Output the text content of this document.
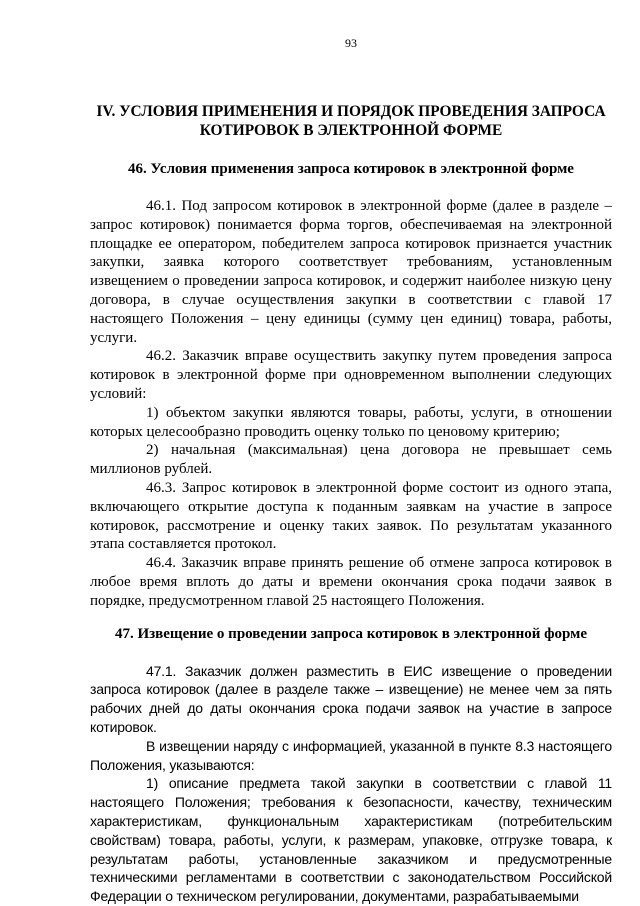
93
IV. УСЛОВИЯ ПРИМЕНЕНИЯ И ПОРЯДОК ПРОВЕДЕНИЯ ЗАПРОСА
КОТИРОВОК В ЭЛЕКТРОННОЙ ФОРМЕ
46. Условия применения запроса котировок в электронной форме

46.1. Под запросом котировок в электронной форме (далее в разделе – запрос котировок) понимается форма торгов, обеспечиваемая на электронной площадке ее оператором, победителем запроса котировок признается участник закупки, заявка которого соответствует требованиям, установленным извещением о проведении запроса котировок, и содержит наиболее низкую цену договора, в случае осуществления закупки в соответствии с главой 17 настоящего Положения – цену единицы (сумму цен единиц) товара, работы, услуги.

46.2. Заказчик вправе осуществить закупку путем проведения запроса котировок в электронной форме при одновременном выполнении следующих условий:

1) объектом закупки являются товары, работы, услуги, в отношении которых целесообразно проводить оценку только по ценовому критерию;

2) начальная (максимальная) цена договора не превышает семь миллионов рублей.

46.3. Запрос котировок в электронной форме состоит из одного этапа, включающего открытие доступа к поданным заявкам на участие в запросе котировок, рассмотрение и оценку таких заявок. По результатам указанного этапа составляется протокол.

46.4. Заказчик вправе принять решение об отмене запроса котировок в любое время вплоть до даты и времени окончания срока подачи заявок в порядке, предусмотренном главой 25 настоящего Положения.

47. Извещение о проведении запроса котировок в электронной форме

47.1. Заказчик должен разместить в ЕИС извещение о проведении запроса котировок (далее в разделе также – извещение) не менее чем за пять рабочих дней до даты окончания срока подачи заявок на участие в запросе котировок.

В извещении наряду с информацией, указанной в пункте 8.3 настоящего Положения, указываются:

1) описание предмета такой закупки в соответствии с главой 11 настоящего Положения; требования к безопасности, качеству, техническим характеристикам, функциональным характеристикам (потребительским свойствам) товара, работы, услуги, к размерам, упаковке, отгрузке товара, к результатам работы, установленные заказчиком и предусмотренные техническими регламентами в соответствии с законодательством Российской Федерации о техническом регулировании, документами, разрабатываемыми
